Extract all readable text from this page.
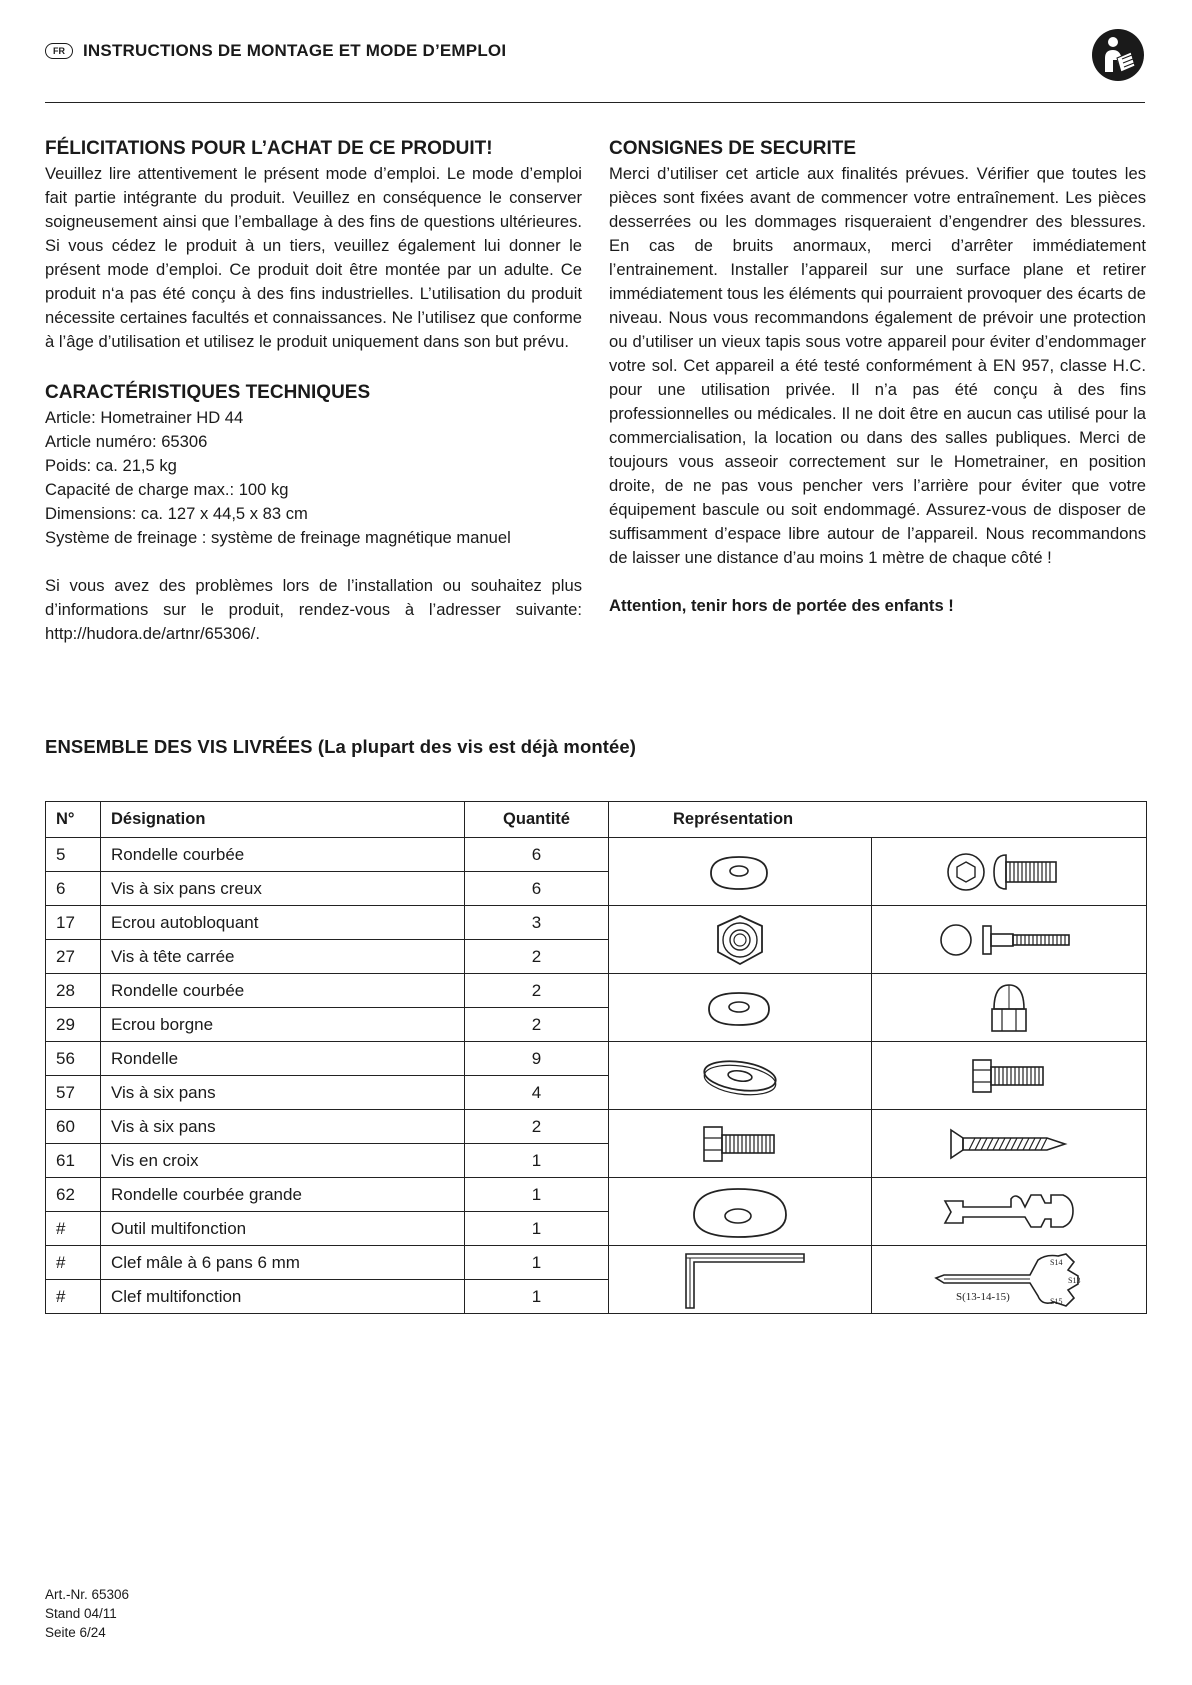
FR	INSTRUCTIONS DE MONTAGE ET MODE D’EMPLOI
FÉLICITATIONS POUR L’ACHAT DE CE PRODUIT!

Veuillez lire attentivement le présent mode d’emploi. Le mode d’emploi fait partie intégrante du produit. Veuillez en conséquence le conserver soigneusement ainsi que l’emballage à des fins de questions ultérieures. Si vous cédez le produit à un tiers, veuillez également lui donner le présent mode d’emploi. Ce produit doit être montée par un adulte. Ce produit n‘a pas été conçu à des fins industrielles. L’utilisation du produit nécessite certaines facultés et connaissances. Ne l’utilisez que conforme à l’âge d’utilisation et utilisez le produit uniquement dans son but prévu.

CARACTÉRISTIQUES TECHNIQUES
Article: Hometrainer HD 44
Article numéro: 65306
Poids: ca. 21,5 kg
Capacité de charge max.: 100 kg
Dimensions: ca. 127 x 44,5 x 83 cm
Système de freinage : système de freinage magnétique manuel

Si vous avez des problèmes lors de l’installation ou souhaitez plus d’informations sur le produit, rendez-vous à l’adresser suivante: http://hudora.de/artnr/65306/.

CONSIGNES DE SECURITE

Merci d’utiliser cet article aux finalités prévues. Vérifier que toutes les pièces sont fixées avant de commencer votre entraînement. Les pièces desserrées ou les dommages risqueraient d’engendrer des blessures. En cas de bruits anormaux, merci d’arrêter immédiatement l’entrainement. Installer l’appareil sur une surface plane et retirer immédiatement tous les éléments qui pourraient provoquer des écarts de niveau. Nous vous recommandons également de prévoir une protection ou d’utiliser un vieux tapis sous votre appareil pour éviter d’endommager votre sol. Cet appareil a été testé conformément à EN 957, classe H.C. pour une utilisation privée. Il n’a pas été conçu à des fins professionnelles ou médicales. Il ne doit être en aucun cas utilisé pour la commercialisation, la location ou dans des salles publiques. Merci de toujours vous asseoir correctement sur le Hometrainer, en position droite, de ne pas vous pencher vers l’arrière pour éviter que votre équipement bascule ou soit endommagé. Assurez-vous de disposer de suffisamment d’espace libre autour de l’appareil. Nous recommandons de laisser une distance d’au moins 1 mètre de chaque côté !

Attention, tenir hors de portée des enfants !

ENSEMBLE DES VIS LIVRÉES (La plupart des vis est déjà montée)
N°	Désignation	Quantité	Représentation	
5	Rondelle courbée	6	

6	Vis à six pans creux	6		
17	Ecrou autobloquant	3	

27	Vis à tête carrée	2		
28	Rondelle courbée	2	

29	Ecrou borgne	2		
56	Rondelle	9	

57	Vis à six pans	4		
60	Vis à six pans	2	

61	Vis en croix	1		
62	Rondelle courbée grande	1	

#	Outil multifonction	1		
#	Clef mâle à 6 pans 6 mm	1		S(13-14-15)
S14
S13
S15

#	Clef multifonction	1		
Art.-Nr. 65306
Stand 04/11
Seite 6/24
